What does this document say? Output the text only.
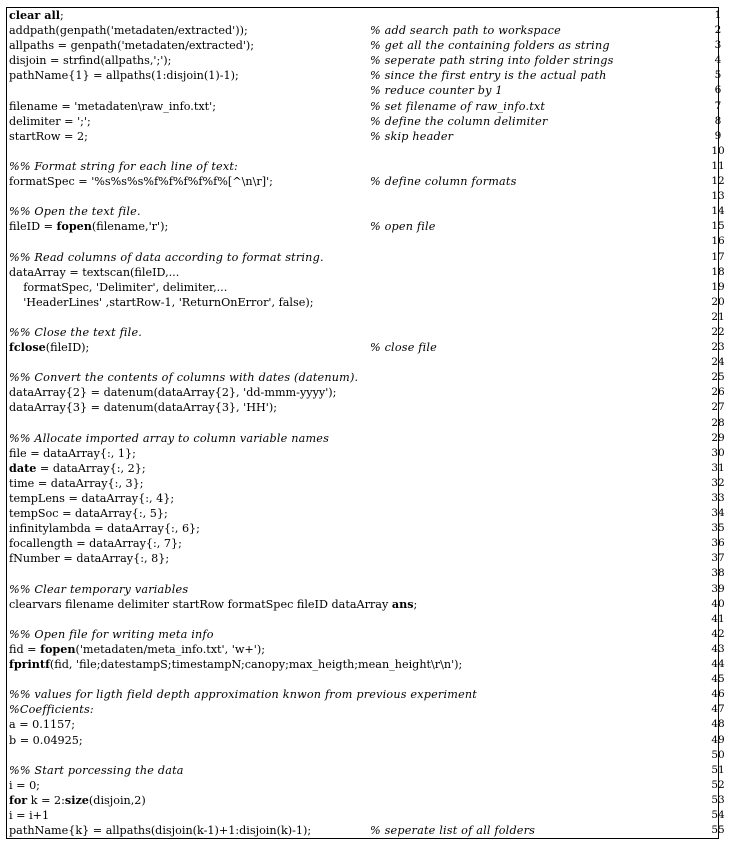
clear all;	1
addpath(genpath('metadaten/extracted'));	% add search path to workspace	2
allpaths = genpath('metadaten/extracted');	% get all the containing folders as string	3
disjoin = strfind(allpaths,';');	% seperate path string into folder strings	4
pathName{1} = allpaths(1:disjoin(1)-1);	% since the first entry is the actual path	5
% reduce counter by 1	6
filename = 'metadaten\raw_info.txt';	% set filename of raw_info.txt	7
delimiter = ';';	% define the column delimiter	8
startRow = 2;	% skip header	9
10
%% Format string for each line of text:	11
formatSpec = '%s%s%s%f%f%f%f%f%[^\n\r]';	% define column formats	12
13
%% Open the text file.	14
fileID = fopen(filename,'r');	% open file	15
16
%% Read columns of data according to format string.	17
dataArray = textscan(fileID,...	18
formatSpec, 'Delimiter', delimiter,...	19
'HeaderLines' ,startRow-1, 'ReturnOnError', false);	20
21
%% Close the text file.	22
fclose(fileID);	% close file	23
24
%% Convert the contents of columns with dates (datenum).	25
dataArray{2} = datenum(dataArray{2}, 'dd-mmm-yyyy');	26
dataArray{3} = datenum(dataArray{3}, 'HH');	27
28
%% Allocate imported array to column variable names	29
file = dataArray{:, 1};	30
date = dataArray{:, 2};	31
time = dataArray{:, 3};	32
tempLens = dataArray{:, 4};	33
tempSoc = dataArray{:, 5};	34
infinitylambda = dataArray{:, 6};	35
focallength = dataArray{:, 7};	36
fNumber = dataArray{:, 8};	37
38
%% Clear temporary variables	39
clearvars filename delimiter startRow formatSpec fileID dataArray ans;	40
41
%% Open file for writing meta info	42
fid = fopen('metadaten/meta_info.txt', 'w+');	43
fprintf(fid, 'file;datestampS;timestampN;canopy;max_heigth;mean_height\r\n');	44
45
%% values for ligth field depth approximation knwon from previous experiment	46
%Coefficients:	47
a = 0.1157;	48
b = 0.04925;	49
50
%% Start porcessing the data	51
i = 0;	52
for k = 2:size(disjoin,2)	53
i = i+1	54
pathName{k} = allpaths(disjoin(k-1)+1:disjoin(k)-1);	% seperate list of all folders	55
